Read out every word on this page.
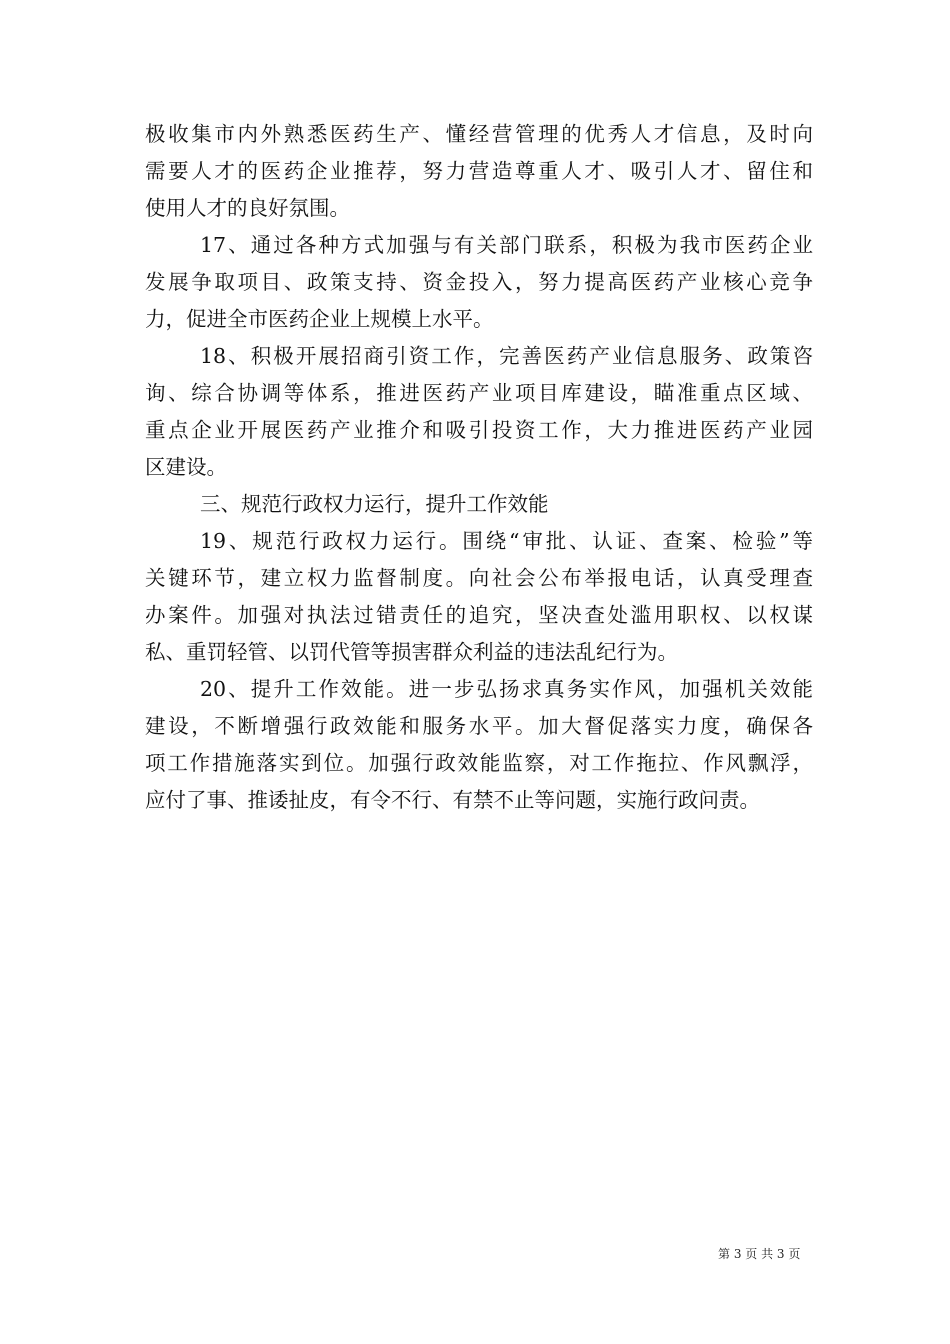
极收集市内外熟悉医药生产、懂经营管理的优秀人才信息，及时向
需要人才的医药企业推荐，努力营造尊重人才、吸引人才、留住和
使用人才的良好氛围。
17、通过各种方式加强与有关部门联系，积极为我市医药企业
发展争取项目、政策支持、资金投入，努力提高医药产业核心竞争
力，促进全市医药企业上规模上水平。
18、积极开展招商引资工作，完善医药产业信息服务、政策咨
询、综合协调等体系，推进医药产业项目库建设，瞄准重点区域、
重点企业开展医药产业推介和吸引投资工作，大力推进医药产业园
区建设。
三、规范行政权力运行，提升工作效能
19、规范行政权力运行。围绕“审批、认证、查案、检验”等
关键环节，建立权力监督制度。向社会公布举报电话，认真受理查
办案件。加强对执法过错责任的追究，坚决查处滥用职权、以权谋
私、重罚轻管、以罚代管等损害群众利益的违法乱纪行为。
20、提升工作效能。进一步弘扬求真务实作风，加强机关效能
建设，不断增强行政效能和服务水平。加大督促落实力度，确保各
项工作措施落实到位。加强行政效能监察，对工作拖拉、作风飘浮，
应付了事、推诿扯皮，有令不行、有禁不止等问题，实施行政问责。
第 3 页 共 3 页
